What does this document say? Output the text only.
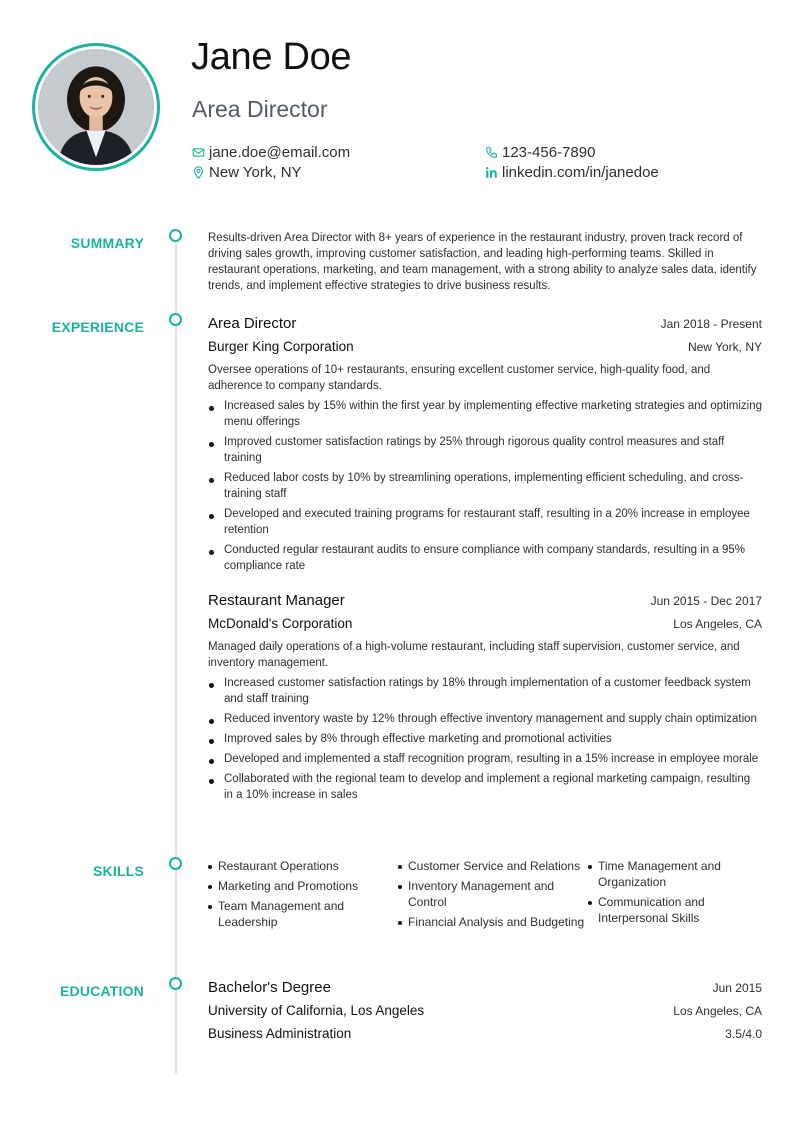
Jane Doe
Area Director
jane.doe@email.com
New York, NY
123-456-7890
linkedin.com/in/janedoe
SUMMARY
EXPERIENCE
SKILLS
EDUCATION

Results-driven Area Director with 8+ years of experience in the restaurant industry, proven track record of driving sales growth, improving customer satisfaction, and leading high-performing teams. Skilled in restaurant operations, marketing, and team management, with a strong ability to analyze sales data, identify trends, and implement effective strategies to drive business results.

Area Director	Jan 2018 - Present
Burger King Corporation	New York, NY

Oversee operations of 10+ restaurants, ensuring excellent customer service, high-quality food, and adherence to company standards.

Increased sales by 15% within the first year by implementing effective marketing strategies and optimizing menu offerings
Improved customer satisfaction ratings by 25% through rigorous quality control measures and staff training
Reduced labor costs by 10% by streamlining operations, implementing efficient scheduling, and cross-training staff
Developed and executed training programs for restaurant staff, resulting in a 20% increase in employee retention
Conducted regular restaurant audits to ensure compliance with company standards, resulting in a 95% compliance rate
Restaurant Manager	Jun 2015 - Dec 2017
McDonald's Corporation	Los Angeles, CA

Managed daily operations of a high-volume restaurant, including staff supervision, customer service, and inventory management.

Increased customer satisfaction ratings by 18% through implementation of a customer feedback system and staff training
Reduced inventory waste by 12% through effective inventory management and supply chain optimization
Improved sales by 8% through effective marketing and promotional activities
Developed and implemented a staff recognition program, resulting in a 15% increase in employee morale
Collaborated with the regional team to develop and implement a regional marketing campaign, resulting in a 10% increase in sales
Restaurant Operations
Marketing and Promotions
Team Management and Leadership
Customer Service and Relations
Inventory Management and Control
Financial Analysis and Budgeting
Time Management and Organization
Communication and Interpersonal Skills
Bachelor's Degree	Jun 2015
University of California, Los Angeles	Los Angeles, CA
Business Administration	3.5/4.0
